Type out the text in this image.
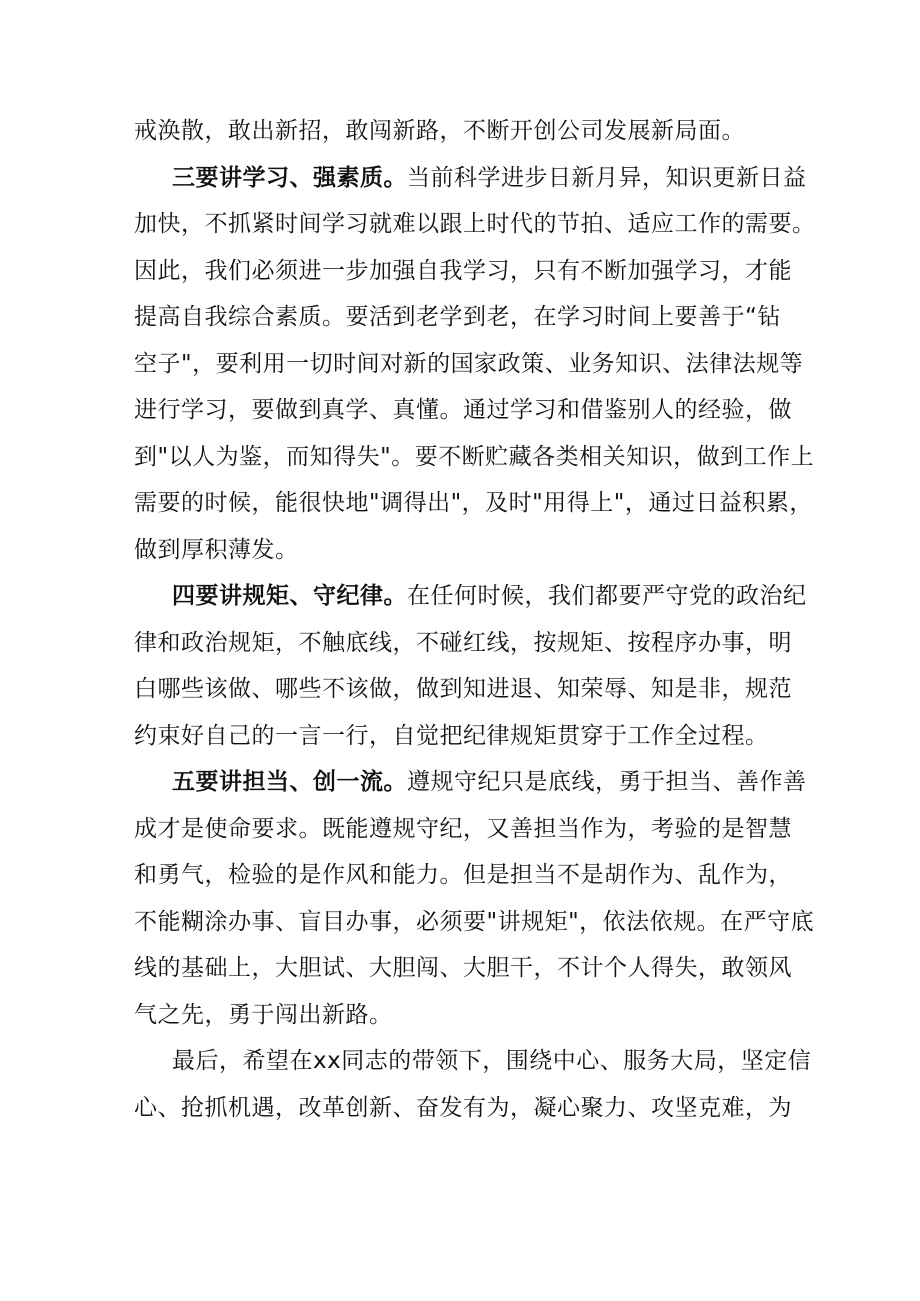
戒涣散，敢出新招，敢闯新路，不断开创公司发展新局面。
三要讲学习、强素质。当前科学进步日新月异，知识更新日益
加快，不抓紧时间学习就难以跟上时代的节拍、适应工作的需要。
因此，我们必须进一步加强自我学习，只有不断加强学习，才能
提高自我综合素质。要活到老学到老，在学习时间上要善于“钻
空子"，要利用一切时间对新的国家政策、业务知识、法律法规等
进行学习，要做到真学、真懂。通过学习和借鉴别人的经验，做
到"以人为鉴，而知得失"。要不断贮藏各类相关知识，做到工作上
需要的时候，能很快地"调得出"，及时"用得上"，通过日益积累，
做到厚积薄发。
四要讲规矩、守纪律。在任何时候，我们都要严守党的政治纪
律和政治规矩，不触底线，不碰红线，按规矩、按程序办事，明
白哪些该做、哪些不该做，做到知进退、知荣辱、知是非，规范
约束好自己的一言一行，自觉把纪律规矩贯穿于工作全过程。
五要讲担当、创一流。遵规守纪只是底线，勇于担当、善作善
成才是使命要求。既能遵规守纪，又善担当作为，考验的是智慧
和勇气，检验的是作风和能力。但是担当不是胡作为、乱作为，
不能糊涂办事、盲目办事，必须要"讲规矩"，依法依规。在严守底
线的基础上，大胆试、大胆闯、大胆干，不计个人得失，敢领风
气之先，勇于闯出新路。
最后，希望在xx同志的带领下，围绕中心、服务大局，坚定信
心、抢抓机遇，改革创新、奋发有为，凝心聚力、攻坚克难，为
